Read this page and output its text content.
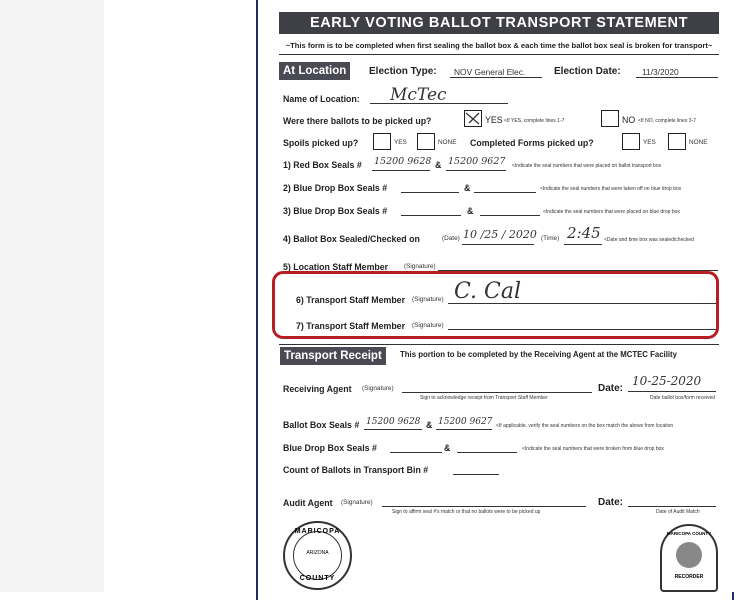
EARLY VOTING BALLOT TRANSPORT STATEMENT
~This form is to be completed when first sealing the ballot box & each time the ballot box seal is broken for transport~
At Location	Election Type: NOV General Elec.	Election Date:	11/3/2020
Name of Location: McTec
Were there ballots to be picked up?	YES <If YES, complete lines 1-7	NO <If NO, complete lines 3-7
Spoils picked up?	YES	NONE Completed Forms picked up?	YES	NONE
1) Red Box Seals # 15200 9628 & 15200 9627 <Indicate the seal numbers that were placed on ballot transport box
2) Blue Drop Box Seals #	&	<Indicate the seal numbers that were taken off on blue drop box
3) Blue Drop Box Seals #	&	<Indicate the seal numbers that were placed on blue drop box
4) Ballot Box Sealed/Checked on	(Date) 10 /25 / 2020 (Time) 2:45 <Date and time box was sealed/checked
5) Location Staff Member (Signature)
6) Transport Staff Member (Signature) C. Cal
7) Transport Staff Member (Signature)
Transport Receipt	This portion to be completed by the Receiving Agent at the MCTEC Facility
Receiving Agent (Signature)
Sign to acknowledge receipt from Transport Staff Member
Date:
10-25-2020
Date ballot box/form received
Ballot Box Seals # 15200 9628 & 15200 9627 <If applicable, verify the seal numbers on the box match the above from location
Blue Drop Box Seals #	&	<Indicate the seal numbers that were broken from blue drop box
Count of Ballots in Transport Bin #
Audit Agent (Signature)
Sign to affirm seal #'s match or that no ballots were to be picked up
Date:
Date of Audit Match
MARICOPA
ARIZONA
COUNTY
MARICOPA COUNTY
RECORDER
